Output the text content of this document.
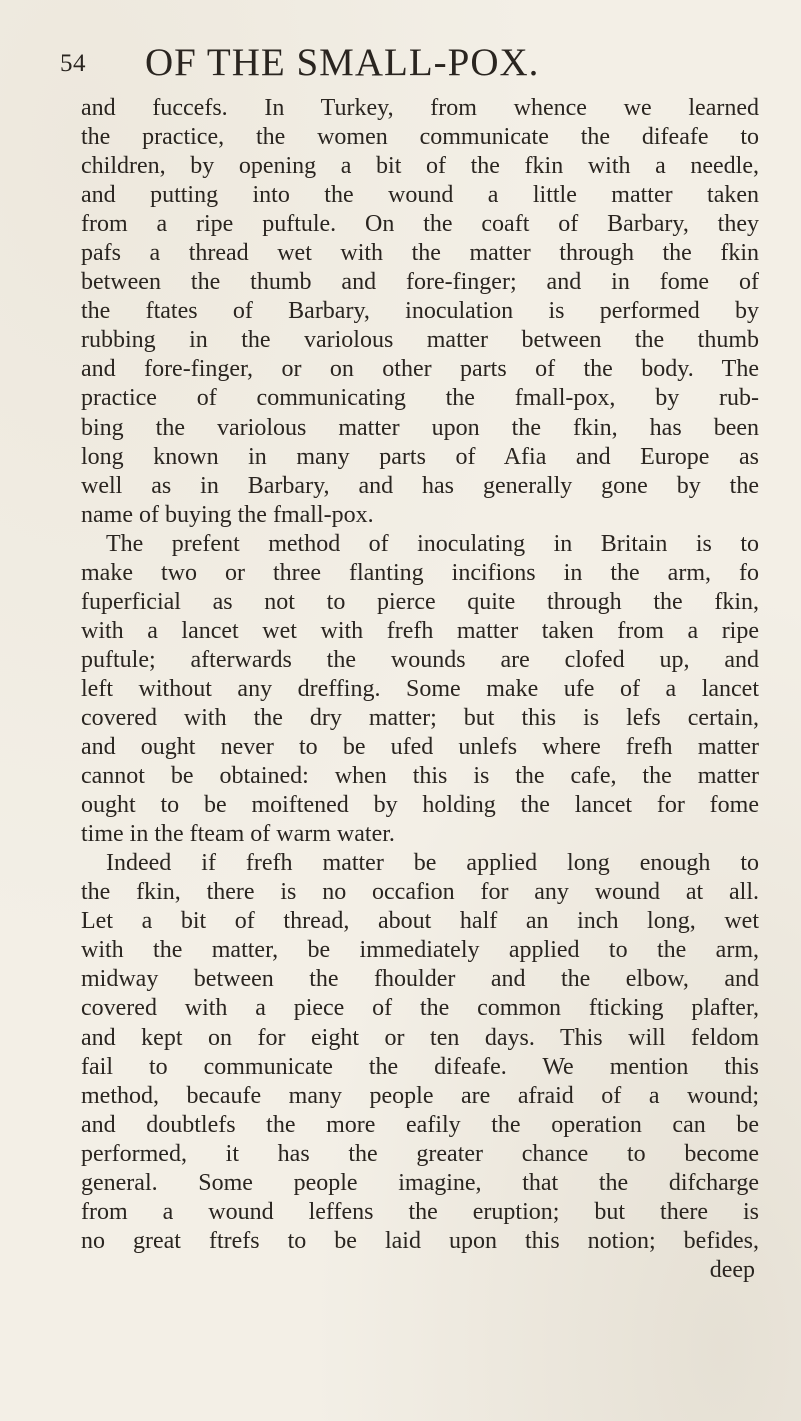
54 OF THE SMALL-POX.
and fuccefs. In Turkey, from whence we learned
the practice, the women communicate the difeafe to
children, by opening a bit of the fkin with a needle,
and putting into the wound a little matter taken
from a ripe puftule. On the coaft of Barbary, they
pafs a thread wet with the matter through the fkin
between the thumb and fore-finger; and in fome of
the ftates of Barbary, inoculation is performed by
rubbing in the variolous matter between the thumb
and fore-finger, or on other parts of the body. The
practice of communicating the fmall-pox, by rub-
bing the variolous matter upon the fkin, has been
long known in many parts of Afia and Europe as
well as in Barbary, and has generally gone by the
name of buying the fmall-pox.
The prefent method of inoculating in Britain is to
make two or three flanting incifions in the arm, fo
fuperficial as not to pierce quite through the fkin,
with a lancet wet with frefh matter taken from a ripe
puftule; afterwards the wounds are clofed up, and
left without any dreffing. Some make ufe of a lancet
covered with the dry matter; but this is lefs certain,
and ought never to be ufed unlefs where frefh matter
cannot be obtained: when this is the cafe, the matter
ought to be moiftened by holding the lancet for fome
time in the fteam of warm water.
Indeed if frefh matter be applied long enough to
the fkin, there is no occafion for any wound at all.
Let a bit of thread, about half an inch long, wet
with the matter, be immediately applied to the arm,
midway between the fhoulder and the elbow, and
covered with a piece of the common fticking plafter,
and kept on for eight or ten days. This will feldom
fail to communicate the difeafe. We mention this
method, becaufe many people are afraid of a wound;
and doubtlefs the more eafily the operation can be
performed, it has the greater chance to become
general. Some people imagine, that the difcharge
from a wound leffens the eruption; but there is
no great ftrefs to be laid upon this notion; befides,
deep
